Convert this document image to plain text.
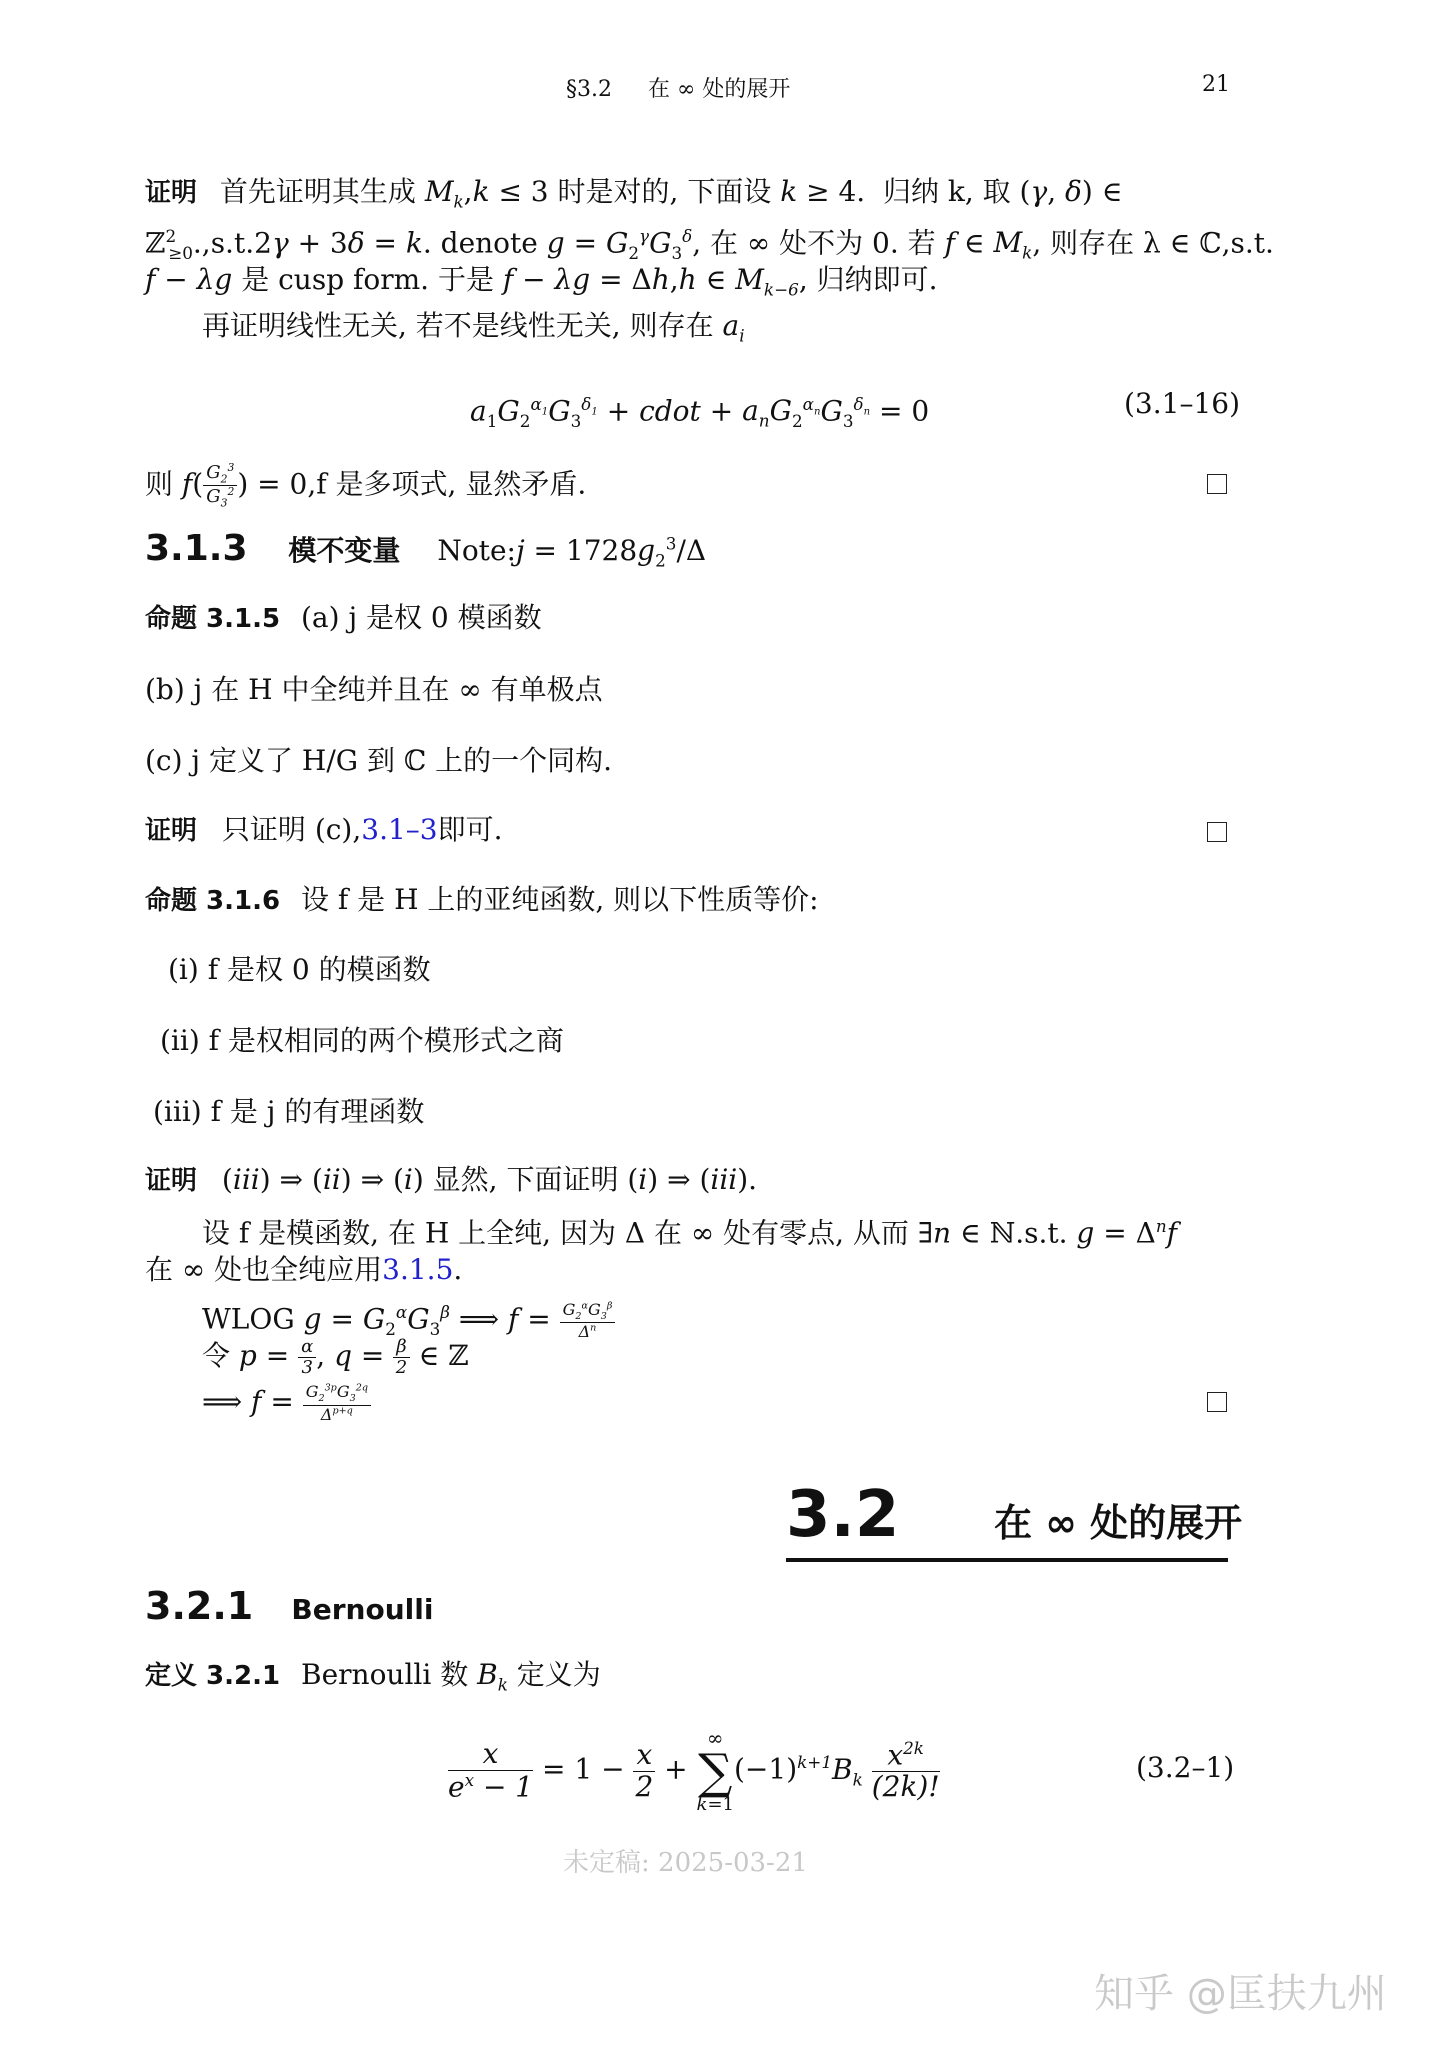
§3.2 在 ∞ 处的展开	21
证明 首先证明其生成 $M_k,k \le 3$ 时是对的, 下面设 k ≥ 4.  归纳 k, 取 (γ, δ) ∈
ℤ$^2_{\ge 0}$.,s.t.2γ + 3δ = k. denote $g = G_2^\gamma G_3^\delta$, 在 ∞ 处不为 0. 若 f ∈ $M_k$, 则存在 λ ∈ ℂ,s.t.
f − λg 是 cusp form. 于是 f − λg = Δh,h ∈ $M_{k-6}$, 归纳即可.
再证明线性无关, 若不是线性无关, 则存在 $a_i$
$a_1G_2^{\alpha_1}G_3^{\delta_1}$ + cdot + $a_nG_2^{\alpha_n}G_3^{\delta_n} = 0$	(3.1–16)
则 $f( \frac{G_2^3}{G_3^2}$ ) = 0,f 是多项式, 显然矛盾.
3.1.3 模不变量 Note:j = $1728g_2^3/\Delta$
命题 3.1.5 (a) j 是权 0 模函数
(b) j 在 H 中全纯并且在 ∞ 有单极点
(c) j 定义了 H/G 到 ℂ 上的一个同构.
证明 只证明 (c),3.1–3即可.
命题 3.1.6 设 f 是 H 上的亚纯函数, 则以下性质等价:
(i) f 是权 0 的模函数
(ii) f 是权相同的两个模形式之商
(iii) f 是 j 的有理函数
证明 (iii) ⇒ (ii) ⇒ (i) 显然, 下面证明 (i) ⇒ (iii).
设 f 是模函数, 在 H 上全纯, 因为 Δ 在 ∞ 处有零点, 从而 ∃n ∈ ℕ.s.t. $g = \Delta^nf$
在 ∞ 处也全纯应用3.1.5.
WLOG $g = G_2^\alpha G_3^\beta$ ⟹ $f = \frac{G_2^\alpha G_3^\beta}{\Delta^n}$
令 $p = \frac{\alpha}{3}$ , $q = \frac{\beta}{2}$ ∈ ℤ
⟹ $f = \frac{G_2^{3p}G_3^{2q}}{\Delta^{p+q}}$
3.2 在 ∞ 处的展开
3.2.1 Bernoulli
定义 3.2.1 Bernoulli 数 $B_k$ 定义为
$\frac{x}{e^x - 1} = 1 - \frac{x}{2}$ +
∞
∑
k=1
$(-1)^{k+1}B_k \frac{x^{2k}}{(2k)!}$	(3.2–1)
未定稿: 2025-03-21
知乎 @匡扶九州
